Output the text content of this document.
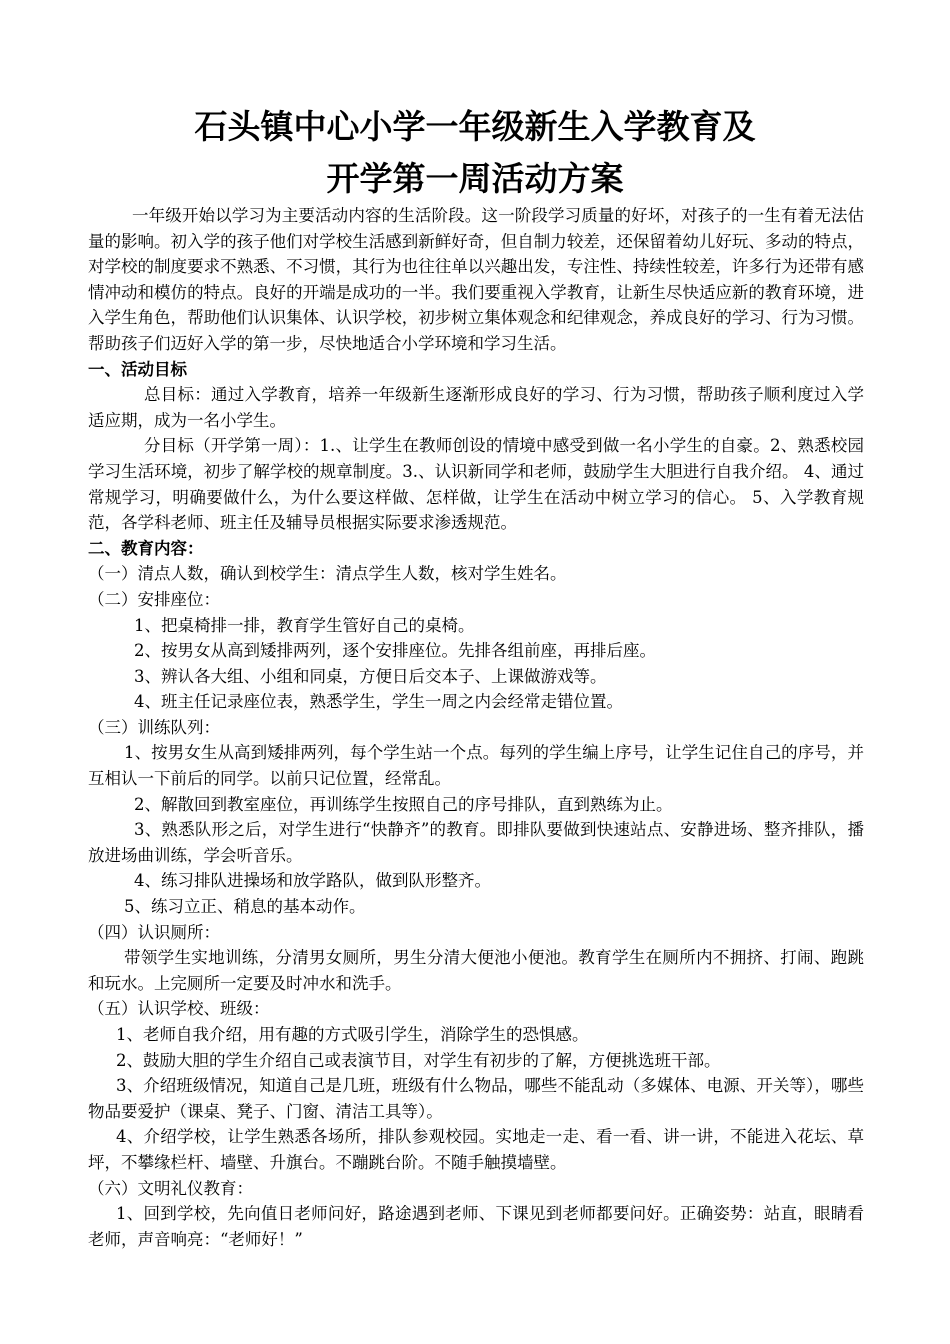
石头镇中心小学一年级新生入学教育及
开学第一周活动方案

一年级开始以学习为主要活动内容的生活阶段。这一阶段学习质量的好坏，对孩子的一生有着无法估量的影响。初入学的孩子他们对学校生活感到新鲜好奇，但自制力较差，还保留着幼儿好玩、多动的特点，对学校的制度要求不熟悉、不习惯，其行为也往往单以兴趣出发，专注性、持续性较差，许多行为还带有感情冲动和模仿的特点。良好的开端是成功的一半。我们要重视入学教育，让新生尽快适应新的教育环境，进入学生角色，帮助他们认识集体、认识学校，初步树立集体观念和纪律观念，养成良好的学习、行为习惯。帮助孩子们迈好入学的第一步，尽快地适合小学环境和学习生活。

一、活动目标

总目标：通过入学教育，培养一年级新生逐渐形成良好的学习、行为习惯，帮助孩子顺利度过入学适应期，成为一名小学生。

分目标（开学第一周）：1.、让学生在教师创设的情境中感受到做一名小学生的自豪。2、熟悉校园学习生活环境，初步了解学校的规章制度。3.、认识新同学和老师，鼓励学生大胆进行自我介绍。 4、通过常规学习，明确要做什么，为什么要这样做、怎样做，让学生在活动中树立学习的信心。 5、入学教育规范，各学科老师、班主任及辅导员根据实际要求渗透规范。

二、教育内容：

（一）清点人数，确认到校学生：清点学生人数，核对学生姓名。

（二）安排座位：

1、把桌椅排一排，教育学生管好自己的桌椅。

2、按男女从高到矮排两列，逐个安排座位。先排各组前座，再排后座。

3、辨认各大组、小组和同桌，方便日后交本子、上课做游戏等。

4、班主任记录座位表，熟悉学生，学生一周之内会经常走错位置。

（三）训练队列：

1、按男女生从高到矮排两列，每个学生站一个点。每列的学生编上序号，让学生记住自己的序号，并互相认一下前后的同学。以前只记位置，经常乱。

2、解散回到教室座位，再训练学生按照自己的序号排队，直到熟练为止。

3、熟悉队形之后，对学生进行“快静齐”的教育。即排队要做到快速站点、安静进场、整齐排队，播放进场曲训练，学会听音乐。

4、练习排队进操场和放学路队，做到队形整齐。

5、练习立正、稍息的基本动作。

（四）认识厕所：

带领学生实地训练，分清男女厕所，男生分清大便池小便池。教育学生在厕所内不拥挤、打闹、跑跳和玩水。上完厕所一定要及时冲水和洗手。

（五）认识学校、班级：

1、老师自我介绍，用有趣的方式吸引学生，消除学生的恐惧感。

2、鼓励大胆的学生介绍自己或表演节目，对学生有初步的了解，方便挑选班干部。

3、介绍班级情况，知道自己是几班，班级有什么物品，哪些不能乱动（多媒体、电源、开关等），哪些物品要爱护（课桌、凳子、门窗、清洁工具等）。

4、介绍学校，让学生熟悉各场所，排队参观校园。实地走一走、看一看、讲一讲，不能进入花坛、草坪，不攀缘栏杆、墙壁、升旗台。不蹦跳台阶。不随手触摸墙壁。

（六）文明礼仪教育：

1、回到学校，先向值日老师问好，路途遇到老师、下课见到老师都要问好。正确姿势：站直，眼睛看老师，声音响亮：“老师好！”
